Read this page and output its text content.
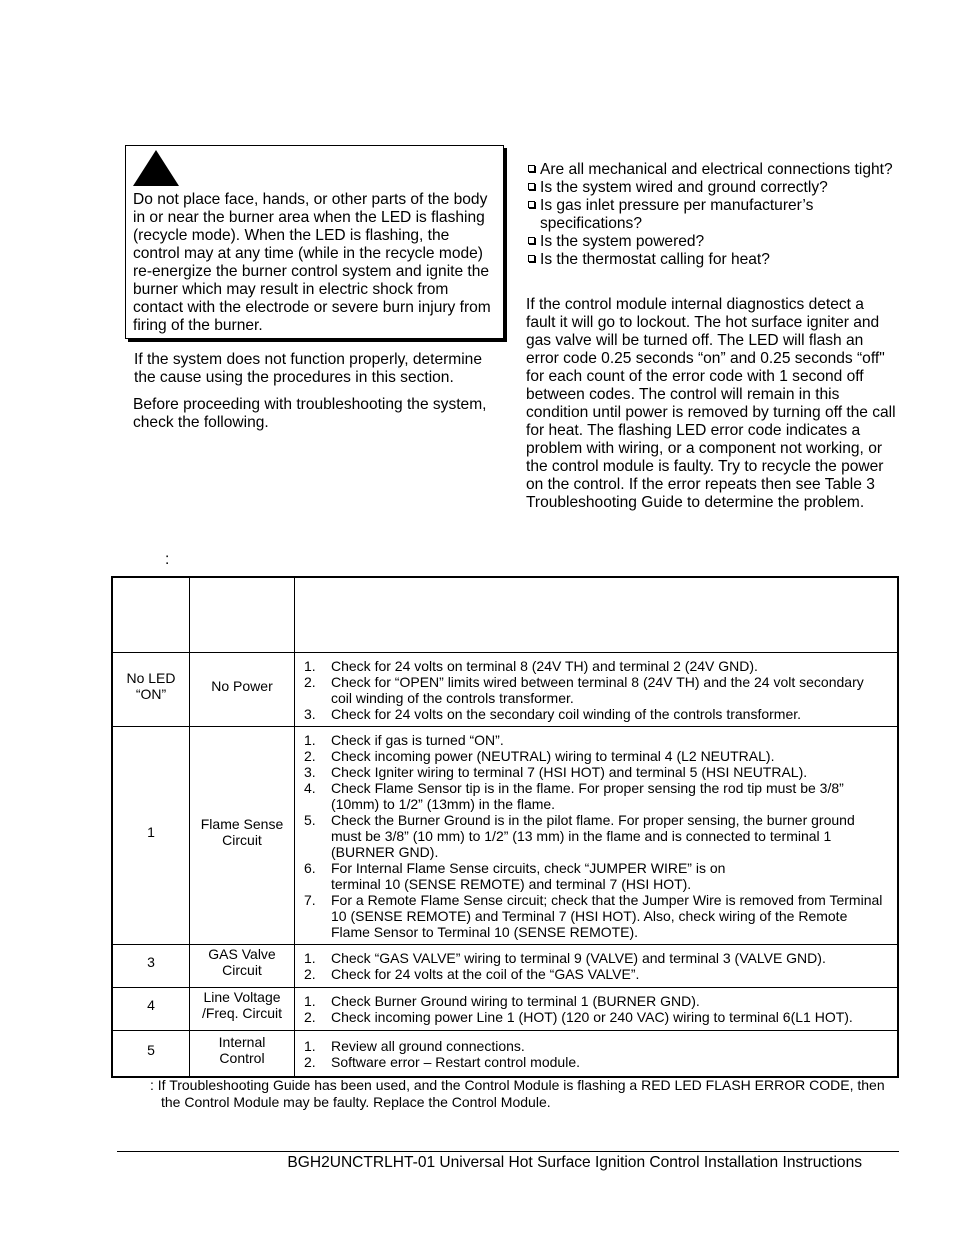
Do not place face, hands, or other parts of the body
in or near the burner area when the LED is flashing
(recycle mode). When the LED is flashing, the
control may at any time (while in the recycle mode)
re-energize the burner control system and ignite the
burner which may result in electric shock from
contact with the electrode or severe burn injury from
firing of the burner.
If the system does not function properly, determine
the cause using the procedures in this section.
Before proceeding with troubleshooting the system,
check the following.
Are all mechanical and electrical connections tight?
Is the system wired and ground correctly?
Is gas inlet pressure per manufacturer’s
specifications?
Is the system powered?
Is the thermostat calling for heat?
If the control module internal diagnostics detect a
fault it will go to lockout. The hot surface igniter and
gas valve will be turned off. The LED will flash an
error code 0.25 seconds “on” and 0.25 seconds “off"
for each count of the error code with 1 second off
between codes. The control will remain in this
condition until power is removed by turning off the call
for heat. The flashing LED error code indicates a
problem with wiring, or a component not working, or
the control module is faulty. Try to recycle the power
on the control. If the error repeats then see Table 3
Troubleshooting Guide to determine the problem.
:
No LED
“ON”	No Power
1.	Check for 24 volts on terminal 8 (24V TH) and terminal 2 (24V GND).
2.	Check for “OPEN” limits wired between terminal 8 (24V TH) and the 24 volt secondary
coil winding of the controls transformer.
3.	Check for 24 volts on the secondary coil winding of the controls transformer.
1	Flame Sense
Circuit
1.	Check if gas is turned “ON”.
2.	Check incoming power (NEUTRAL) wiring to terminal 4 (L2 NEUTRAL).
3.	Check Igniter wiring to terminal 7 (HSI HOT) and terminal 5 (HSI NEUTRAL).
4.	Check Flame Sensor tip is in the flame. For proper sensing the rod tip must be 3/8”
(10mm) to 1/2” (13mm) in the flame.
5.	Check the Burner Ground is in the pilot flame. For proper sensing, the burner ground
must be 3/8” (10 mm) to 1/2” (13 mm) in the flame and is connected to terminal 1
(BURNER GND).
6.	For Internal Flame Sense circuits, check “JUMPER WIRE” is on
terminal 10 (SENSE REMOTE) and terminal 7 (HSI HOT).
7.	For a Remote Flame Sense circuit; check that the Jumper Wire is removed from Terminal
10 (SENSE REMOTE) and Terminal 7 (HSI HOT). Also, check wiring of the Remote
Flame Sensor to Terminal 10 (SENSE REMOTE).
3	GAS Valve
Circuit
1.	Check “GAS VALVE” wiring to terminal 9 (VALVE) and terminal 3 (VALVE GND).
2.	Check for 24 volts at the coil of the “GAS VALVE”.
4	Line Voltage
/Freq. Circuit
1.	Check Burner Ground wiring to terminal 1 (BURNER GND).
2.	Check incoming power Line 1 (HOT) (120 or 240 VAC) wiring to terminal 6(L1 HOT).
5	Internal
Control
1.	Review all ground connections.
2.	Software error – Restart control module.
: If Troubleshooting Guide has been used, and the Control Module is flashing a RED LED FLASH ERROR CODE, then
the Control Module may be faulty. Replace the Control Module.
BGH2UNCTRLHT-01 Universal Hot Surface Ignition Control Installation Instructions
